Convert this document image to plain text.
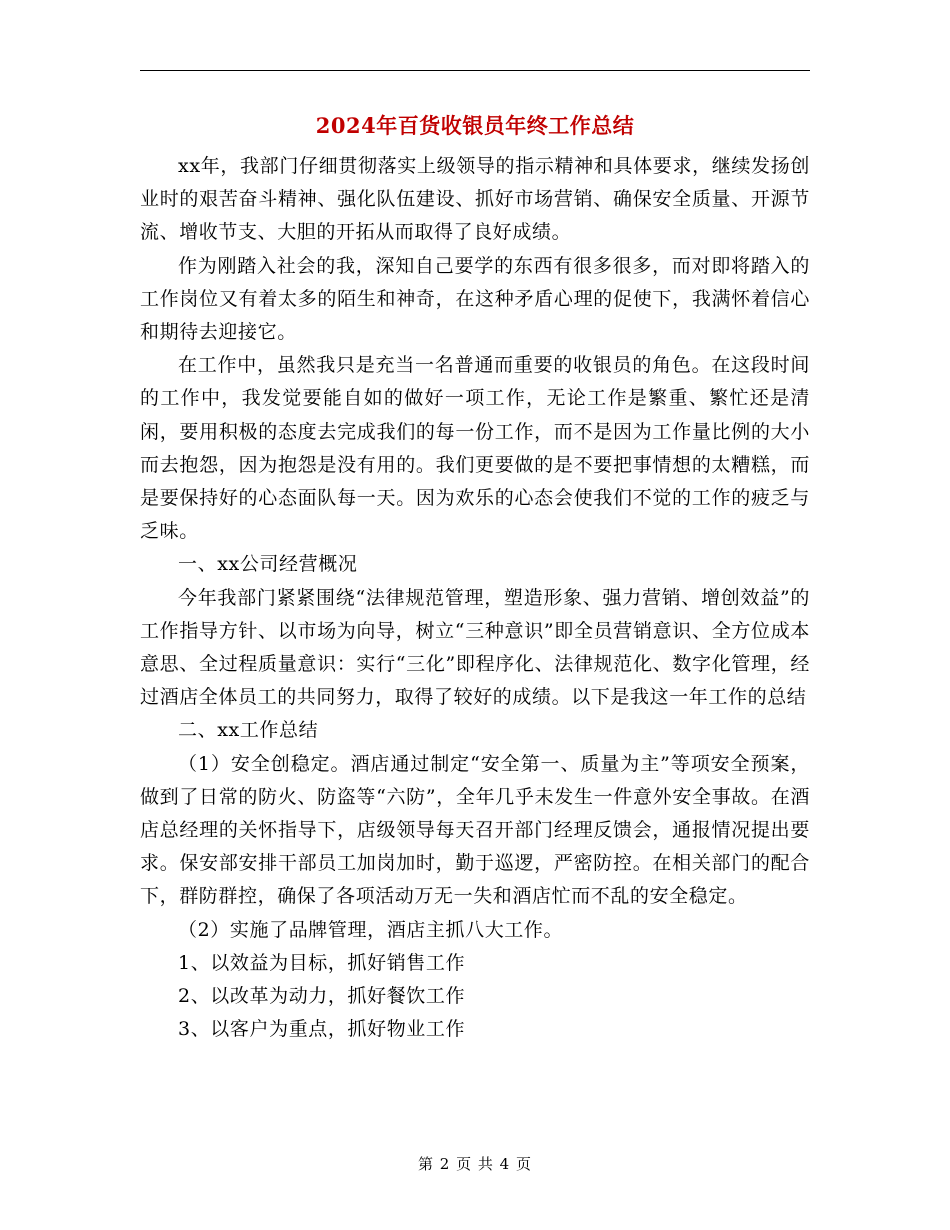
2024年百货收银员年终工作总结

xx年，我部门仔细贯彻落实上级领导的指示精神和具体要求，继续发扬创业时的艰苦奋斗精神、强化队伍建设、抓好市场营销、确保安全质量、开源节流、增收节支、大胆的开拓从而取得了良好成绩。

作为刚踏入社会的我，深知自己要学的东西有很多很多，而对即将踏入的工作岗位又有着太多的陌生和神奇，在这种矛盾心理的促使下，我满怀着信心和期待去迎接它。

在工作中，虽然我只是充当一名普通而重要的收银员的角色。在这段时间的工作中，我发觉要能自如的做好一项工作，无论工作是繁重、繁忙还是清闲，要用积极的态度去完成我们的每一份工作，而不是因为工作量比例的大小而去抱怨，因为抱怨是没有用的。我们更要做的是不要把事情想的太糟糕，而是要保持好的心态面队每一天。因为欢乐的心态会使我们不觉的工作的疲乏与乏味。

一、xx公司经营概况

今年我部门紧紧围绕“法律规范管理，塑造形象、强力营销、增创效益”的工作指导方针、以市场为向导，树立“三种意识”即全员营销意识、全方位成本意思、全过程质量意识：实行“三化”即程序化、法律规范化、数字化管理，经过酒店全体员工的共同努力，取得了较好的成绩。以下是我这一年工作的总结

二、xx工作总结

（1）安全创稳定。酒店通过制定“安全第一、质量为主”等项安全预案，做到了日常的防火、防盗等“六防”，全年几乎未发生一件意外安全事故。在酒店总经理的关怀指导下，店级领导每天召开部门经理反馈会，通报情况提出要求。保安部安排干部员工加岗加时，勤于巡逻，严密防控。在相关部门的配合下，群防群控，确保了各项活动万无一失和酒店忙而不乱的安全稳定。

（2）实施了品牌管理，酒店主抓八大工作。

1、以效益为目标，抓好销售工作

2、以改革为动力，抓好餐饮工作

3、以客户为重点，抓好物业工作

第 2 页 共 4 页
